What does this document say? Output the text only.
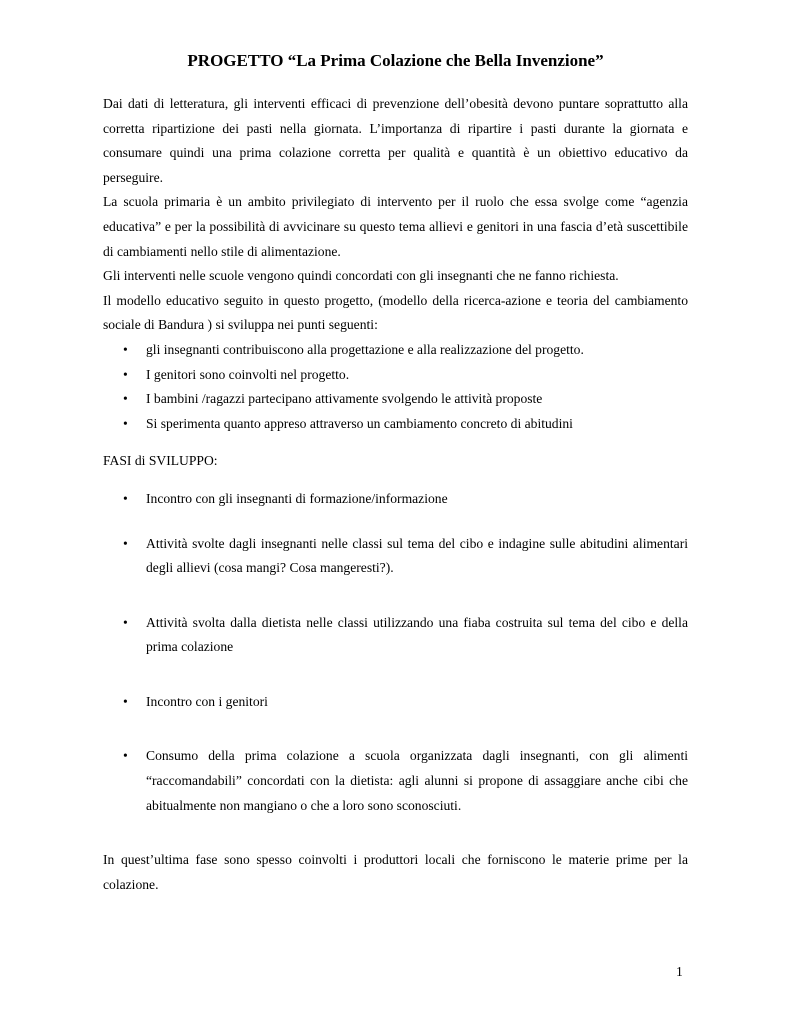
PROGETTO “La Prima Colazione che Bella Invenzione”

Dai dati di letteratura, gli interventi efficaci di prevenzione dell’obesità devono puntare soprattutto alla corretta ripartizione dei pasti nella giornata. L’importanza di ripartire i pasti durante la giornata e consumare quindi una prima colazione corretta per qualità e quantità è un obiettivo educativo da perseguire.

La scuola primaria è un ambito privilegiato di intervento per il ruolo che essa svolge come “agenzia educativa” e per la possibilità di avvicinare su questo tema allievi e genitori in una fascia d’età suscettibile di cambiamenti nello stile di alimentazione.

Gli interventi nelle scuole vengono quindi concordati con gli insegnanti che ne fanno richiesta.

Il modello educativo seguito in questo progetto, (modello della ricerca-azione e teoria del cambiamento sociale di Bandura ) si sviluppa nei punti seguenti:

• gli insegnanti contribuiscono alla progettazione e alla realizzazione del progetto.
• I genitori sono coinvolti nel progetto.
• I bambini /ragazzi partecipano attivamente svolgendo le attività proposte
• Si sperimenta quanto appreso attraverso un cambiamento concreto di abitudini

FASI di SVILUPPO:

• Incontro con gli insegnanti di formazione/informazione
• Attività svolte dagli insegnanti nelle classi sul tema del cibo e indagine sulle abitudini alimentari degli allievi (cosa mangi? Cosa mangeresti?).
• Attività svolta dalla dietista nelle classi utilizzando una fiaba costruita sul tema del cibo e della prima colazione
• Incontro con i genitori
• Consumo della prima colazione a scuola organizzata dagli insegnanti, con gli alimenti “raccomandabili” concordati con la dietista: agli alunni si propone di assaggiare anche cibi che abitualmente non mangiano o che a loro sono sconosciuti.

In quest’ultima fase sono spesso coinvolti i produttori locali che forniscono le materie prime per la colazione.

1
